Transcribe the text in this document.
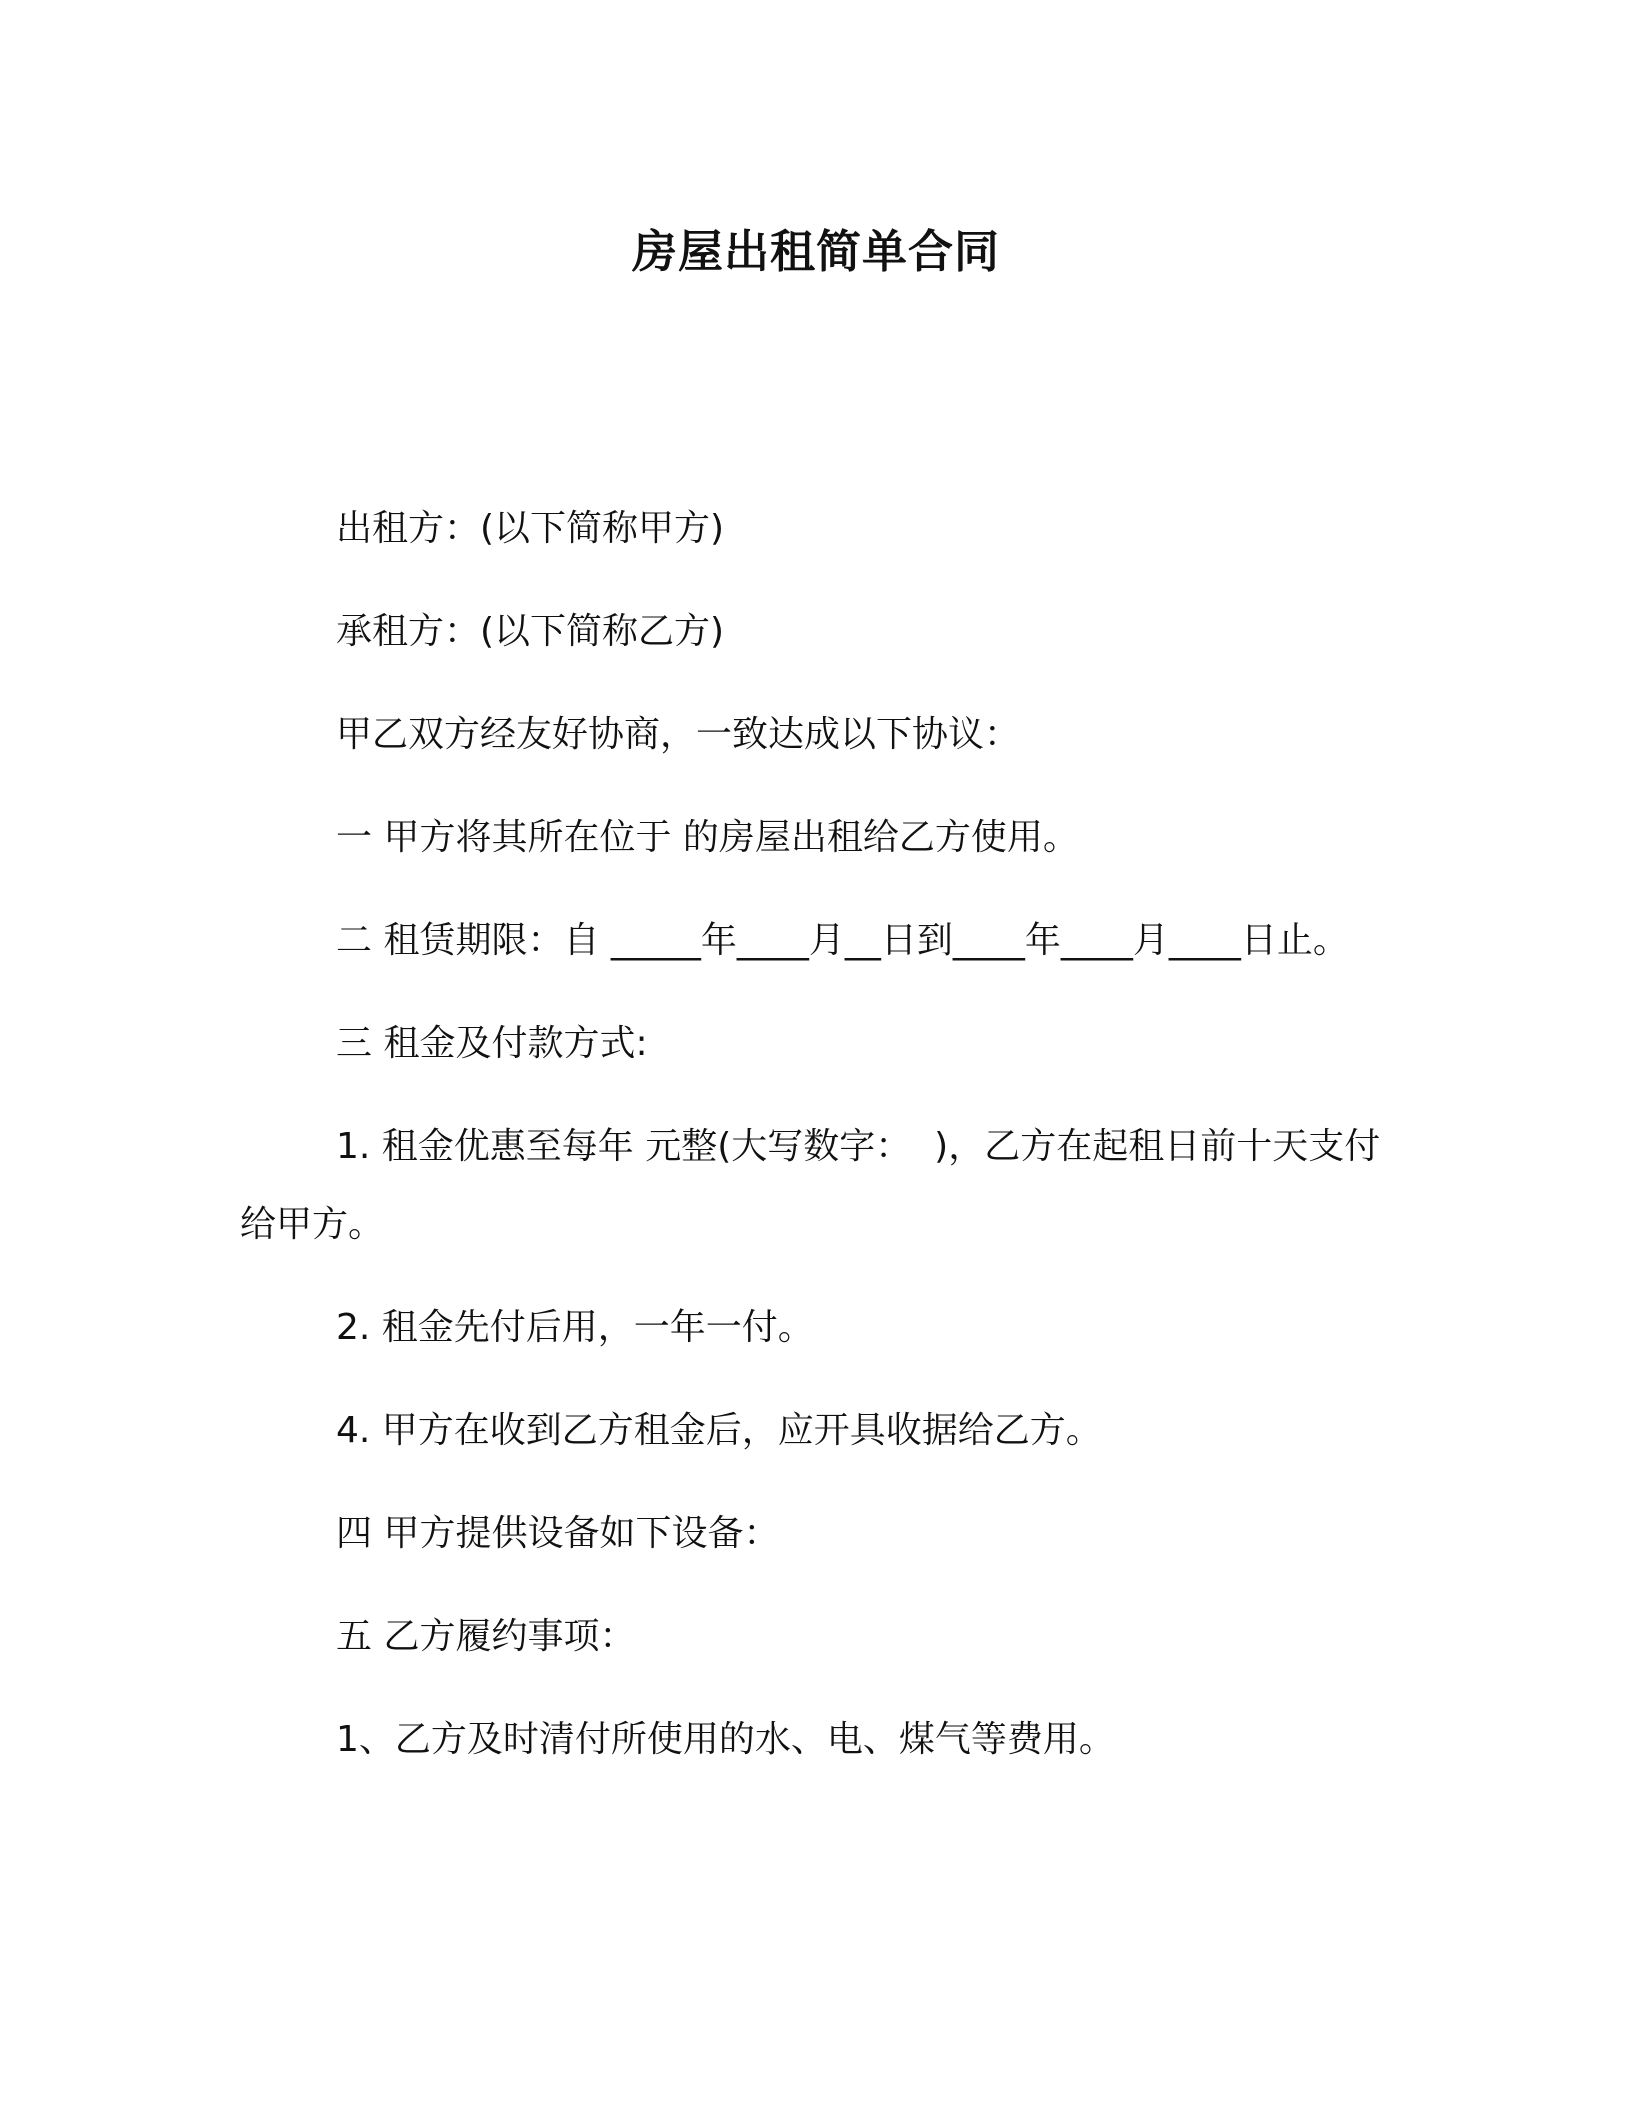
房屋出租简单合同

出租方：(以下简称甲方)

承租方：(以下简称乙方)

甲乙双方经友好协商，一致达成以下协议：

一 甲方将其所在位于 的房屋出租给乙方使用。

二 租赁期限：自 _____年____月__日到____年____月____日止。

三 租金及付款方式:

1. 租金优惠至每年 元整(大写数字：  )，乙方在起租日前十天支付给甲方。

2. 租金先付后用，一年一付。

4. 甲方在收到乙方租金后，应开具收据给乙方。

四 甲方提供设备如下设备：

五 乙方履约事项：

1、乙方及时清付所使用的水、电、煤气等费用。
